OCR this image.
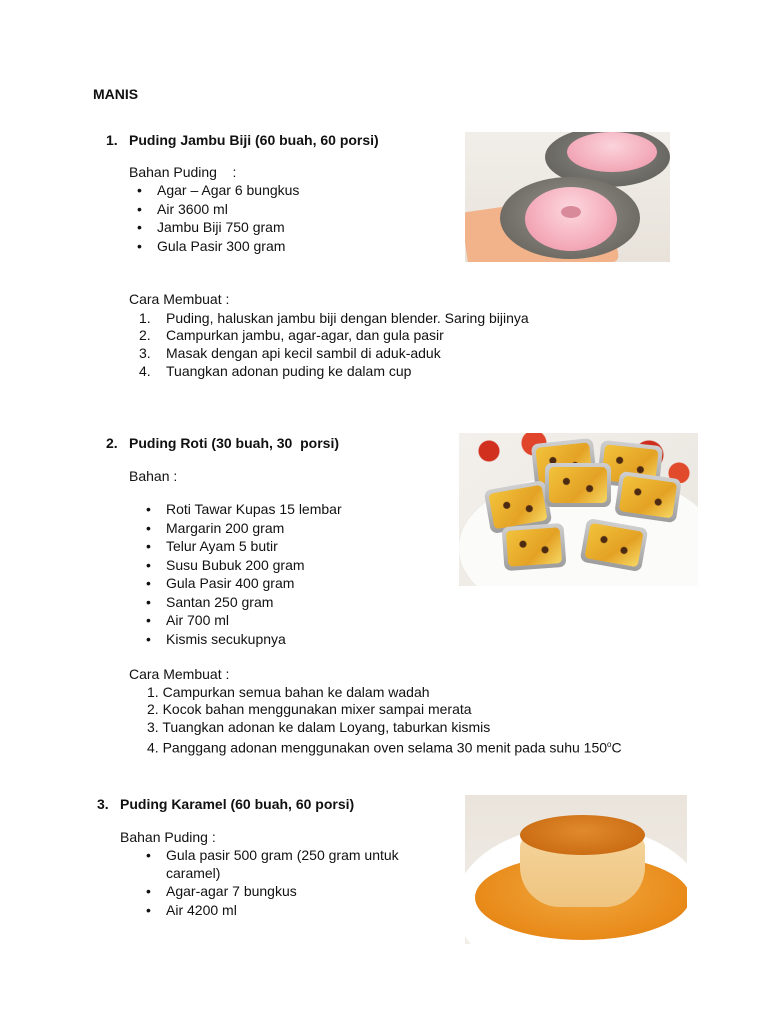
MANIS
1. Puding Jambu Biji (60 buah, 60 porsi)
Bahan Puding    :
• Agar – Agar 6 bungkus
• Air 3600 ml
• Jambu Biji 750 gram
• Gula Pasir 300 gram
Cara Membuat :
1. Puding, haluskan jambu biji dengan blender. Saring bijinya
2. Campurkan jambu, agar-agar, dan gula pasir
3. Masak dengan api kecil sambil di aduk-aduk
4. Tuangkan adonan puding ke dalam cup
2. Puding Roti (30 buah, 30  porsi)
Bahan :
• Roti Tawar Kupas 15 lembar
• Margarin 200 gram
• Telur Ayam 5 butir
• Susu Bubuk 200 gram
• Gula Pasir 400 gram
• Santan 250 gram
• Air 700 ml
• Kismis secukupnya
Cara Membuat :
1. Campurkan semua bahan ke dalam wadah
2. Kocok bahan menggunakan mixer sampai merata
3. Tuangkan adonan ke dalam Loyang, taburkan kismis
4. Panggang adonan menggunakan oven selama 30 menit pada suhu 150$^o$C
3. Puding Karamel (60 buah, 60 porsi)
Bahan Puding :
• Gula pasir 500 gram (250 gram untuk caramel)
• Agar-agar 7 bungkus
• Air 4200 ml
